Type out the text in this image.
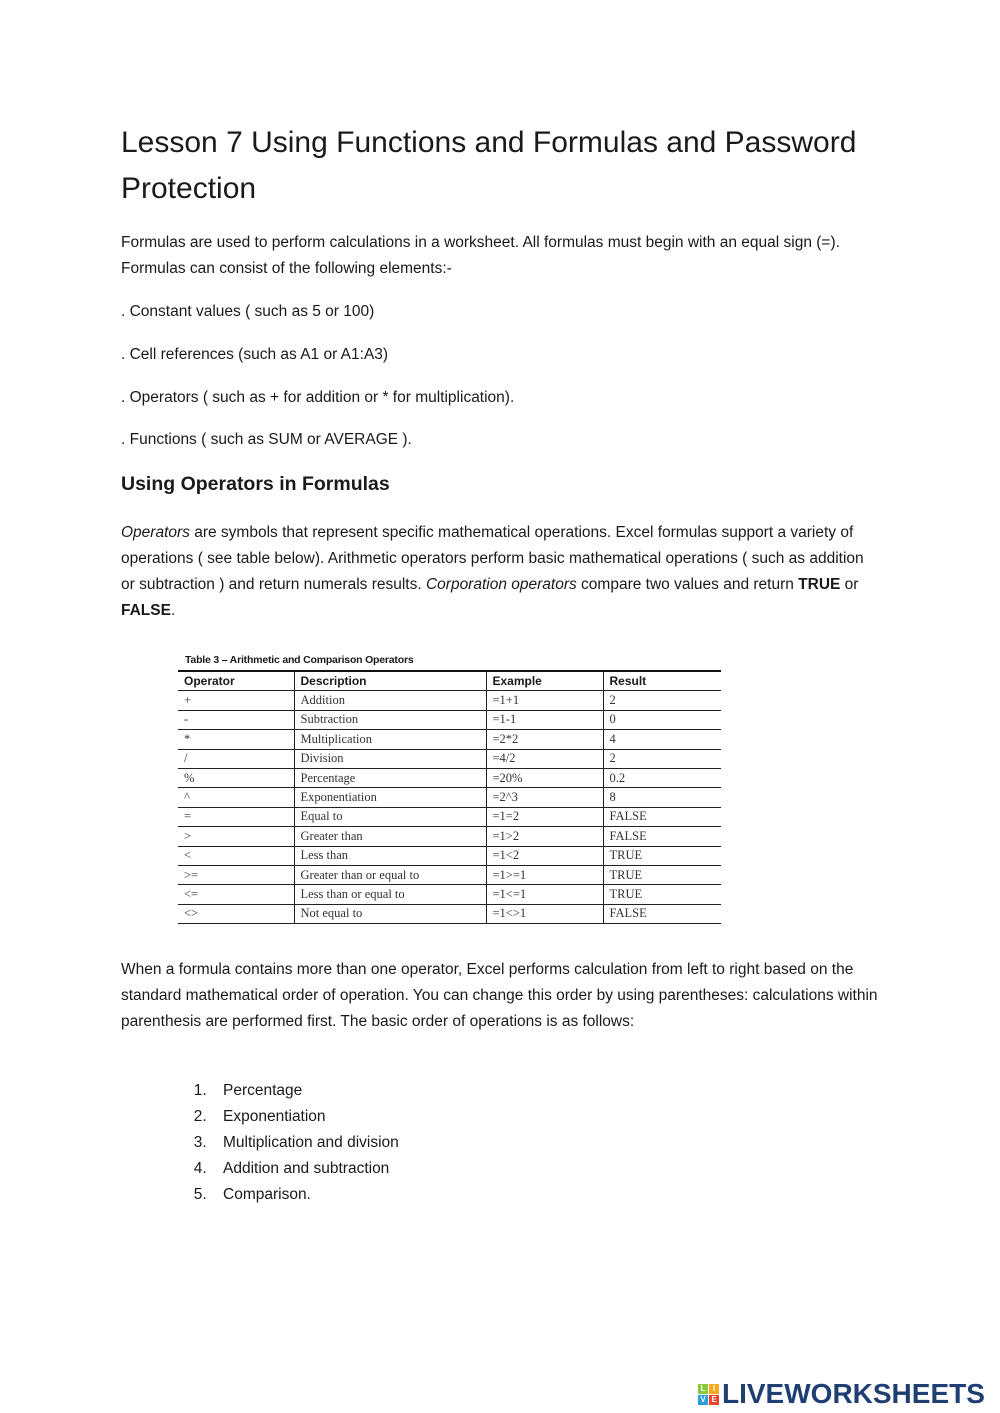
Lesson 7 Using Functions and Formulas and Password Protection
Formulas are used to perform calculations in a worksheet. All formulas must begin with an equal sign (=). Formulas can consist of the following elements:-
. Constant values ( such as 5 or 100)
. Cell references (such as A1 or A1:A3)
. Operators ( such as + for addition or * for multiplication).
. Functions ( such as SUM or AVERAGE ).
Using Operators in Formulas
Operators are symbols that represent specific mathematical operations. Excel formulas support a variety of operations ( see table below). Arithmetic operators perform basic mathematical operations ( such as addition or subtraction ) and return numerals results. Corporation operators compare two values and return TRUE or FALSE.
Table 3 – Arithmetic and Comparison Operators
Operator	Description	Example	Result
+	Addition	=1+1	2
-	Subtraction	=1-1	0
*	Multiplication	=2*2	4
/	Division	=4/2	2
%	Percentage	=20%	0.2
^	Exponentiation	=2^3	8
=	Equal to	=1=2	FALSE
>	Greater than	=1>2	FALSE
<	Less than	=1<2	TRUE
>=	Greater than or equal to	=1>=1	TRUE
<=	Less than or equal to	=1<=1	TRUE
<>	Not equal to	=1<>1	FALSE
When a formula contains more than one operator, Excel performs calculation from left to right based on the standard mathematical order of operation. You can change this order by using parentheses: calculations within parenthesis are performed first. The basic order of operations is as follows:
1. Percentage
2. Exponentiation
3. Multiplication and division
4. Addition and subtraction
5. Comparison.
L I
V E LIVEWORKSHEETS
